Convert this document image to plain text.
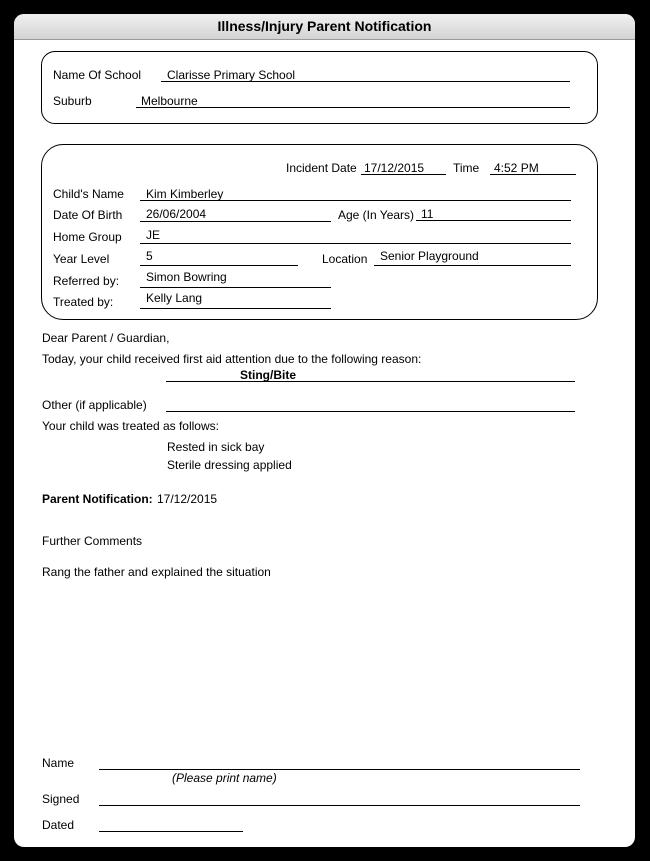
Illness/Injury Parent Notification
Name Of School Clarisse Primary School
Suburb	Melbourne
Incident Date 17/12/2015 Time 4:52 PM
Child's Name Kim Kimberley
Date Of Birth 26/06/2004	Age (In Years) 11
Home Group JE
Year Level	5	Location Senior Playground
Referred by: Simon Bowring
Treated by:	Kelly Lang
Dear Parent / Guardian,
Today, your child received first aid attention due to the following reason:
Sting/Bite
Other (if applicable)
Your child was treated as follows:
Rested in sick bay
Sterile dressing applied
Parent Notification: 17/12/2015
Further Comments
Rang the father and explained the situation
Name
(Please print name)
Signed
Dated
